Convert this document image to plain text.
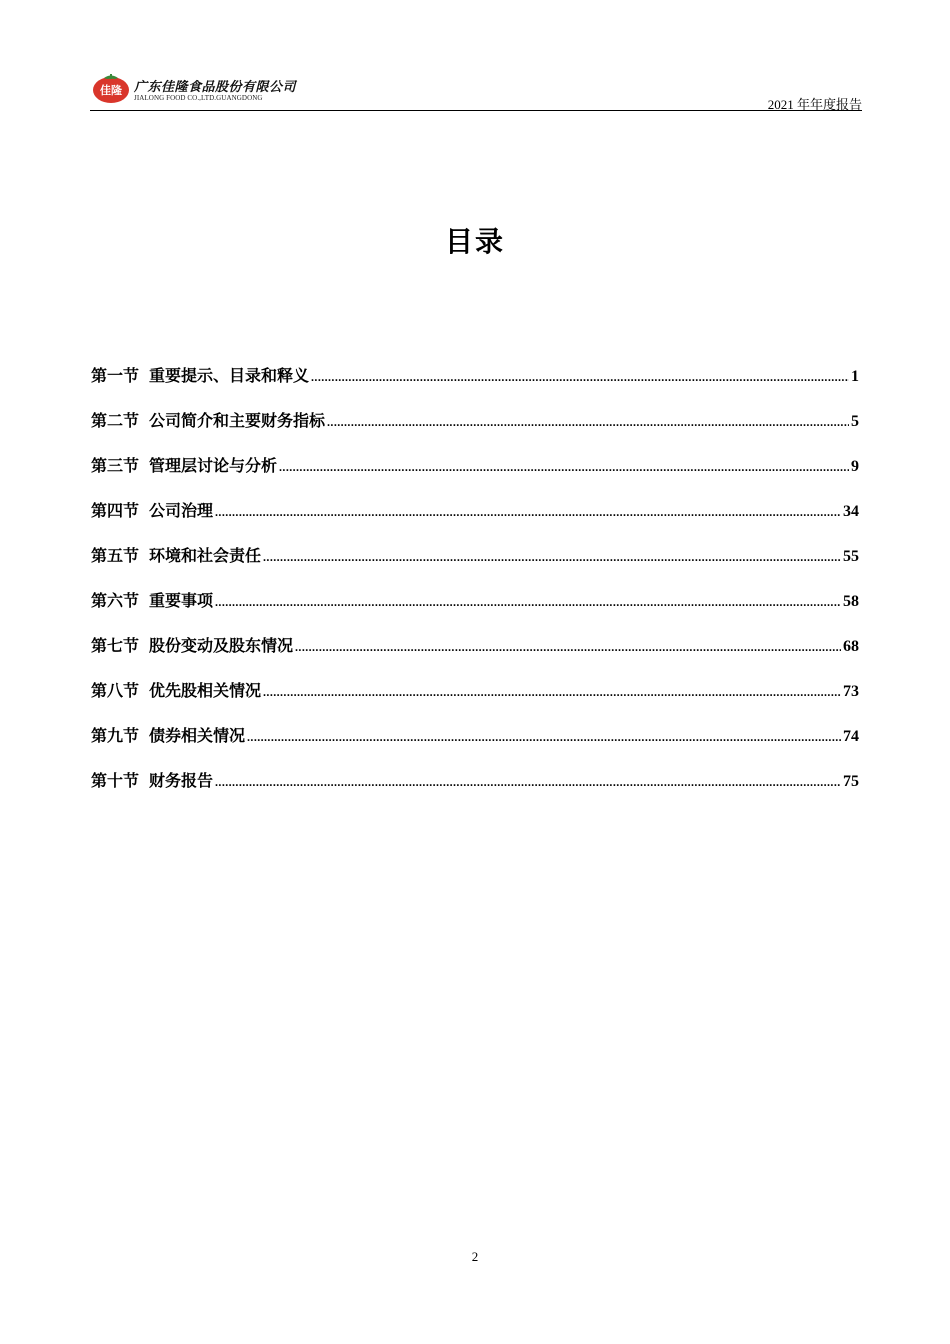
佳隆 广东佳隆食品股份有限公司
JIALONG FOOD CO.,LTD.GUANGDONG	2021 年年度报告
目录
第一节 重要提示、目录和释义 .....	1
第二节 公司简介和主要财务指标 .....	5
第三节 管理层讨论与分析 .....	9
第四节 公司治理 .....	34
第五节 环境和社会责任 .....	55
第六节 重要事项 .....	58
第七节 股份变动及股东情况 .....	68
第八节 优先股相关情况 .....	73
第九节 债券相关情况 .....	74
第十节 财务报告 .....	75
2
